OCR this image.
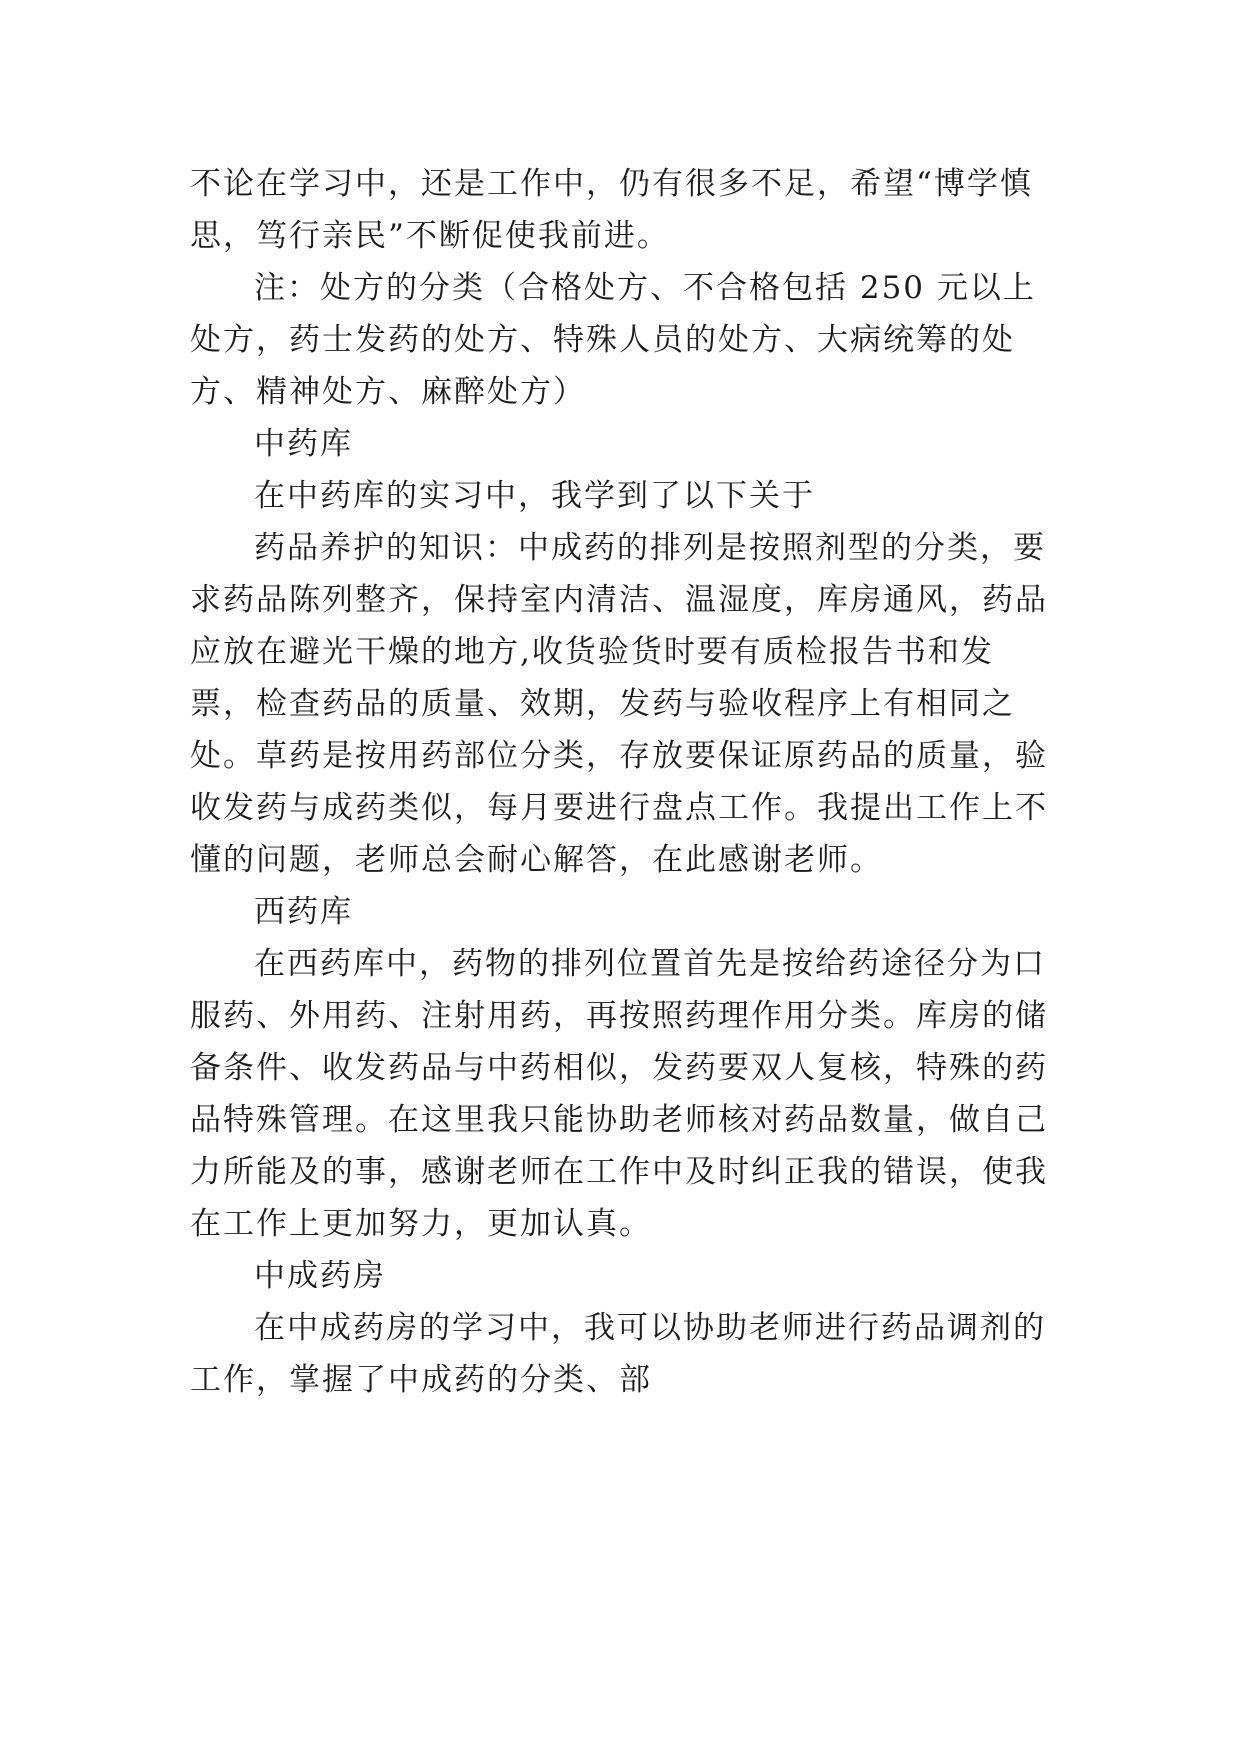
不论在学习中，还是工作中，仍有很多不足，希望“博学慎思，笃行亲民”不断促使我前进。

注：处方的分类（合格处方、不合格包括 250 元以上处方，药士发药的处方、特殊人员的处方、大病统筹的处方、精神处方、麻醉处方）

中药库

在中药库的实习中，我学到了以下关于

药品养护的知识：中成药的排列是按照剂型的分类，要求药品陈列整齐，保持室内清洁、温湿度，库房通风，药品应放在避光干燥的地方,收货验货时要有质检报告书和发票，检查药品的质量、效期，发药与验收程序上有相同之处。草药是按用药部位分类，存放要保证原药品的质量，验收发药与成药类似，每月要进行盘点工作。我提出工作上不懂的问题，老师总会耐心解答，在此感谢老师。

西药库

在西药库中，药物的排列位置首先是按给药途径分为口服药、外用药、注射用药，再按照药理作用分类。库房的储备条件、收发药品与中药相似，发药要双人复核，特殊的药品特殊管理。在这里我只能协助老师核对药品数量，做自己力所能及的事，感谢老师在工作中及时纠正我的错误，使我在工作上更加努力，更加认真。

中成药房

在中成药房的学习中，我可以协助老师进行药品调剂的工作，掌握了中成药的分类、部
